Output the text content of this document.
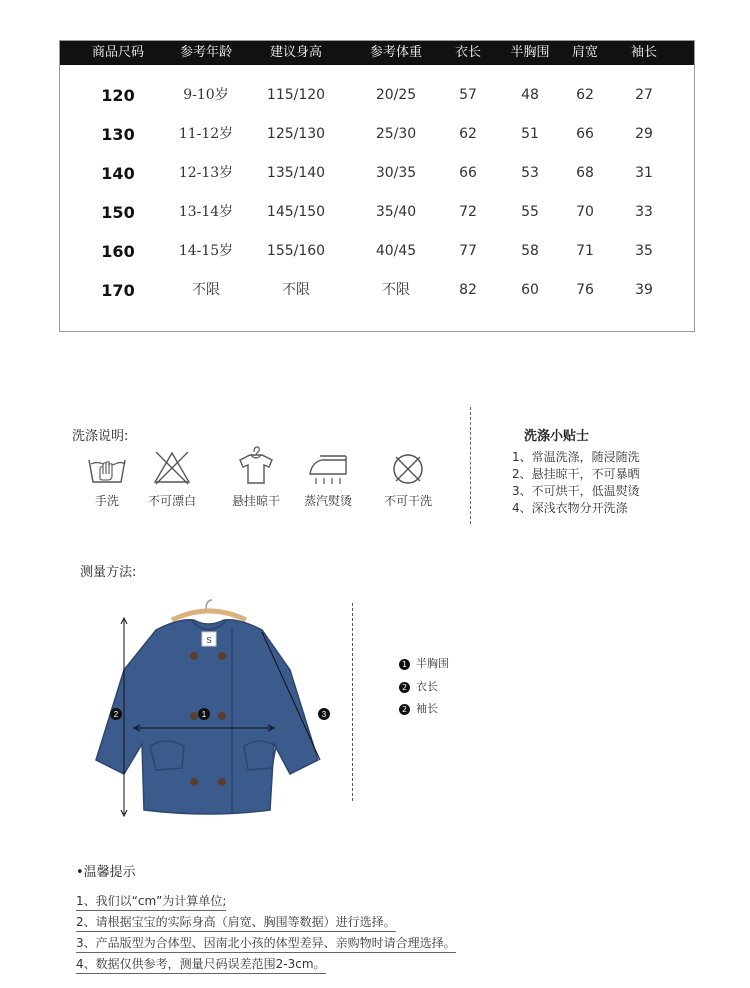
商品尺码	参考年龄	建议身高	参考体重	衣长	半胸围	肩宽	袖长
120	9-10岁	115/120	20/25	57	48	62	27
130	11-12岁	125/130	25/30	62	51	66	29
140	12-13岁	135/140	30/35	66	53	68	31
150	13-14岁	145/150	35/40	72	55	70	33
160	14-15岁	155/160	40/45	77	58	71	35
170	不限	不限	不限	82	60	76	39
洗涤说明:
手洗	不可漂白	悬挂晾干	蒸汽熨烫	不可干洗
洗涤小贴士
1、常温洗涤，随浸随洗
2、悬挂晾干，不可暴晒
3、不可烘干，低温熨烫
4、深浅衣物分开洗涤
测量方法:
S
1
2	3
1 半胸围
2 衣长
2 袖长
•温馨提示
1、我们以“cm”为计算单位;
2、请根据宝宝的实际身高（肩宽、胸围等数据）进行选择。
3、产品版型为合体型、因南北小孩的体型差异、亲购物时请合理选择。
4、数据仅供参考，测量尺码误差范围2-3cm。
